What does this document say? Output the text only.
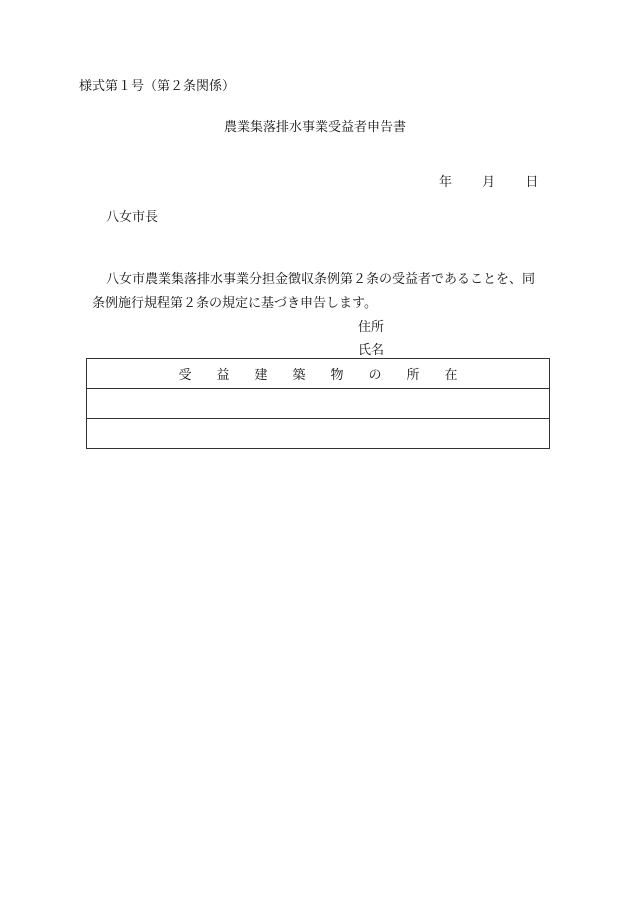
様式第１号（第２条関係）
農業集落排水事業受益者申告書
年 月 日
八女市長
八女市農業集落排水事業分担金徴収条例第２条の受益者であることを、同
条例施行規程第２条の規定に基づき申告します。
住所
氏名
受 益 建 築 物 の 所 在
